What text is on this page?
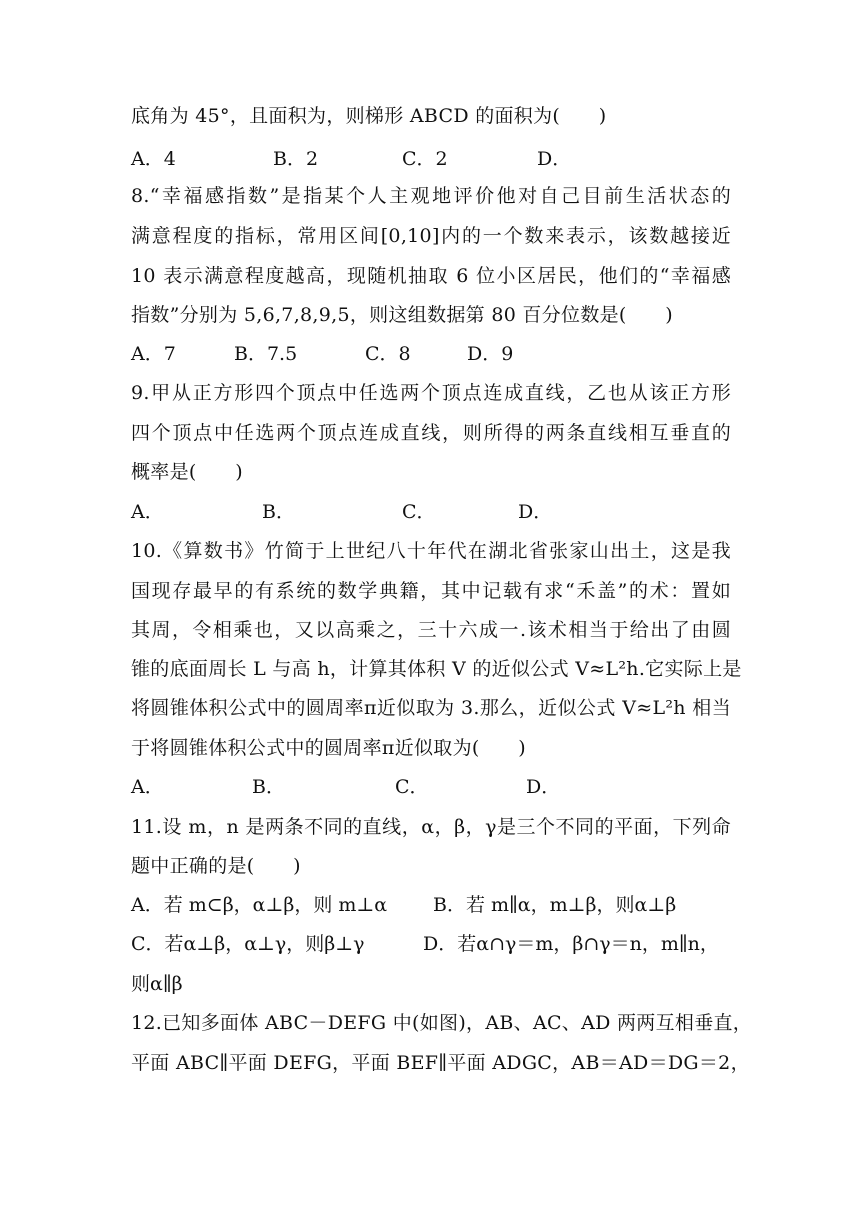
底角为 45°，且面积为，则梯形 ABCD 的面积为(　　)
A．4	B．2	C．2	D．
8.“幸福感指数”是指某个人主观地评价他对自己目前生活状态的
满意程度的指标，常用区间[0,10]内的一个数来表示，该数越接近
10 表示满意程度越高，现随机抽取 6 位小区居民，他们的“幸福感
指数”分别为 5,6,7,8,9,5，则这组数据第 80 百分位数是(　　)
A．7	B．7.5	C．8	D．9
9.甲从正方形四个顶点中任选两个顶点连成直线，乙也从该正方形
四个顶点中任选两个顶点连成直线，则所得的两条直线相互垂直的
概率是(　　)
A．	B．	C．	D．
10.《算数书》竹简于上世纪八十年代在湖北省张家山出土，这是我
国现存最早的有系统的数学典籍，其中记载有求“禾盖”的术：置如
其周，令相乘也，又以高乘之，三十六成一.该术相当于给出了由圆
锥的底面周长 L 与高 h，计算其体积 V 的近似公式 V≈L²h.它实际上是
将圆锥体积公式中的圆周率π近似取为 3.那么，近似公式 V≈L²h 相当
于将圆锥体积公式中的圆周率π近似取为(　　)
A．	B．	C．	D．
11.设 m，n 是两条不同的直线，α，β，γ是三个不同的平面，下列命
题中正确的是(　　)
A．若 m⊂β，α⊥β，则 m⊥α B．若 m∥α，m⊥β，则α⊥β
C．若α⊥β，α⊥γ，则β⊥γ	D．若α∩γ＝m，β∩γ＝n，m∥n，
则α∥β
12.已知多面体 ABC－DEFG 中(如图)，AB、AC、AD 两两互相垂直，
平面 ABC∥平面 DEFG，平面 BEF∥平面 ADGC，AB＝AD＝DG＝2，
